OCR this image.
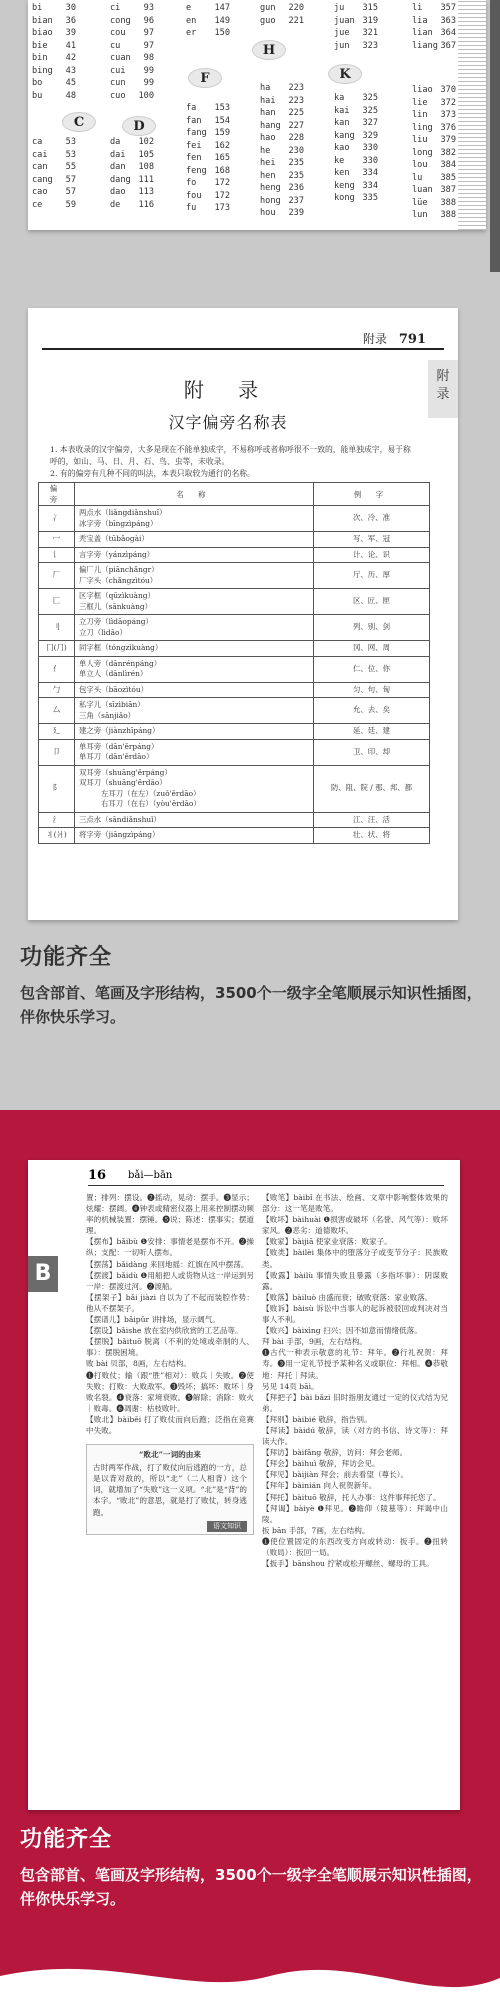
bi	30
bian 36
biao 39
bie 41
bin 42
bing 43
bo	45
bu	48
ci	93
cong 96
cou 97
cu	97
cuan 98
cui 99
cun 99
cuo 100
e	147
en 149
er 150
gun 220
guo 221
ju 315
juan 319
jue 321
jun 323
li 357
lia 363
lian 364
liang 367
ca	53
cai 53
can 55
cang 57
cao 57
ce	59
da 102
dai 105
dan 108
dang 111
dao 113
de 116
fa 153
fan 154
fang 159
fei 162
fen 165
feng 168
fo 172
fou 172
fu 173
ha 223
hai 223
han 225
hang 227
hao 228
he 230
hei 235
hen 235
heng 236
hong 237
hou 239
ka 325
kai 325
kan 327
kang 329
kao 330
ke 330
ken 334
keng 334
kong 335
liao 370
lie 372
lin 373
ling 376
liu 379
long 382
lou 384
lu 385
luan 387
lüe 388
lun 388
C	D
F
H
K
附录 791
附录
附 录
汉字偏旁名称表

1. 本表收录的汉字偏旁，大多是现在不能单独成字，不易称呼或者称呼很不一致的，能单独成字，易于称呼的，如山、马、日、月、石、鸟、虫等，未收录。

2. 有的偏旁有几种不同的叫法，本表只取较为通行的名称。

偏 旁	名 称	例 字
冫	两点水（liǎngdiǎnshuǐ）
冰字旁（bīngzìpáng）	次、冷、准
冖	秃宝盖（tūbǎogài）	写、军、冠
讠	言字旁（yánzìpáng）	计、论、识
厂	偏厂儿（piānchǎngr）
厂字头（chǎngzìtóu）	厅、历、厚
匚	区字框（qūzìkuàng）
三框儿（sānkuàng）	区、匠、匣
刂	立刀旁（lìdāopáng）
立刀（lìdāo）	列、别、剑
冂(⺆)	同字框（tóngzìkuàng）	冈、网、周
亻	单人旁（dānrénpáng）
单立人（dānlìrén）	仁、位、你
勹	包字头（bāozìtóu）	匀、句、匈
厶	私字儿（sīzìbiān）
三角（sānjiǎo）	允、去、矣
廴	建之旁（jiànzhīpáng）	延、廷、建
卩	单耳旁（dān'ěrpáng）
单耳刀（dān'ěrdāo）	卫、印、却
阝	双耳旁（shuāng'ěrpáng）
双耳刀（shuāng'ěrdāo）
左耳刀（在左）（zuǒ'ěrdāo）
右耳刀（在右）（yòu'ěrdāo）	防、阻、院 / 那、邦、都
氵	三点水（sāndiǎnshuǐ）	江、汪、活
丬(爿)	将字旁（jiāngzìpáng）	壮、状、将
功能齐全
包含部首、笔画及字形结构，3500个一级字全笔顺展示知识性插图，伴你快乐学习。
16 bǎi—bān
B

置；排列：摆设。❷摇动，晃动：摆手。❸显示；炫耀：摆阔。❹钟表或精密仪器上用来控制摆动频率的机械装置：摆锤。❺说；陈述：摆事实；摆道理。

【摆布】bǎibù ❶安排：事情老是摆布不开。❷操纵；支配：一切听人摆布。

【摆荡】bǎidàng 来回地摇：红旗在风中摆荡。

【摆渡】bǎidù ❶用船把人或货物从这一岸运到另一岸：摆渡过河。❷渡船。

【摆架子】bǎi jiàzi 自以为了不起而装腔作势：他从不摆架子。

【摆谱儿】bǎipǔr 讲排场，显示阔气。

【摆设】bǎishe 放在室内供欣赏的工艺品等。

【摆脱】bǎituō 脱离（不利的处境或牵制的人、事）：摆脱困境。

败 bài 贝部，8画，左右结构。

❶打败仗；输（跟“胜”相对）：败兵｜失败。❷使失败；打败：大败敌军。❸毁坏；搞坏：败坏｜身败名裂。❹衰落：家境衰败。❺解除；消除：败火｜败毒。❻凋谢：枯枝败叶。

【败北】bàiběi 打了败仗而向后跑；泛指在竞赛中失败。

“败北”一词的由来
古时两军作战，打了败仗向后逃跑的一方，总是以背对敌的，所以“北”（二人相背）这个词，就增加了“失败”这一义项。“北”是“背”的本字。“败北”的意思，就是打了败仗，转身逃跑。
语文知识

【败笔】bàibǐ 在书法、绘画、文章中影响整体效果的部分：这一笔是败笔。

【败坏】bàihuài ❶损害或破坏（名誉、风气等）：败坏家风。❷恶劣：道德败坏。

【败家】bàijiā 使家业衰落：败家子。

【败类】bàilèi 集体中的堕落分子或变节分子：民族败类。

【败露】bàilù 事情失败且暴露（多指坏事）：阴谋败露。

【败落】bàiluò 由盛而衰；破败衰落：家业败落。

【败诉】bàisù 诉讼中当事人的起诉被驳回或判决对当事人不利。

【败兴】bàixìng 扫兴；因不如意而情绪低落。

拜 bài 手部，9画，左右结构。

❶古代一种表示敬意的礼节：拜年。❷行礼祝贺：拜寿。❸用一定礼节授予某种名义或职位：拜相。❹恭敬地：拜托｜拜读。

另见 14页 bāi。

【拜把子】bài bǎzi 旧时指朋友通过一定的仪式结为兄弟。

【拜别】bàibié 敬辞，指告别。

【拜读】bàidú 敬辞，读（对方的书信、诗文等）：拜读大作。

【拜访】bàifǎng 敬辞，访问：拜会老师。

【拜会】bàihuì 敬辞，拜访会见。

【拜见】bàijiàn 拜会；前去看望（尊长）。

【拜年】bàinián 向人祝贺新年。

【拜托】bàituō 敬辞，托人办事：这件事拜托您了。

【拜谒】bàiyè ❶拜见。❷瞻仰（陵墓等）：拜谒中山陵。

扳 bān 手部，7画，左右结构。

❶使位置固定的东西改变方向或转动：扳手。❷扭转（败局）：扳回一局。

【扳手】bānshou 拧紧或松开螺丝、螺母的工具。

功能齐全
包含部首、笔画及字形结构，3500个一级字全笔顺展示知识性插图，伴你快乐学习。
